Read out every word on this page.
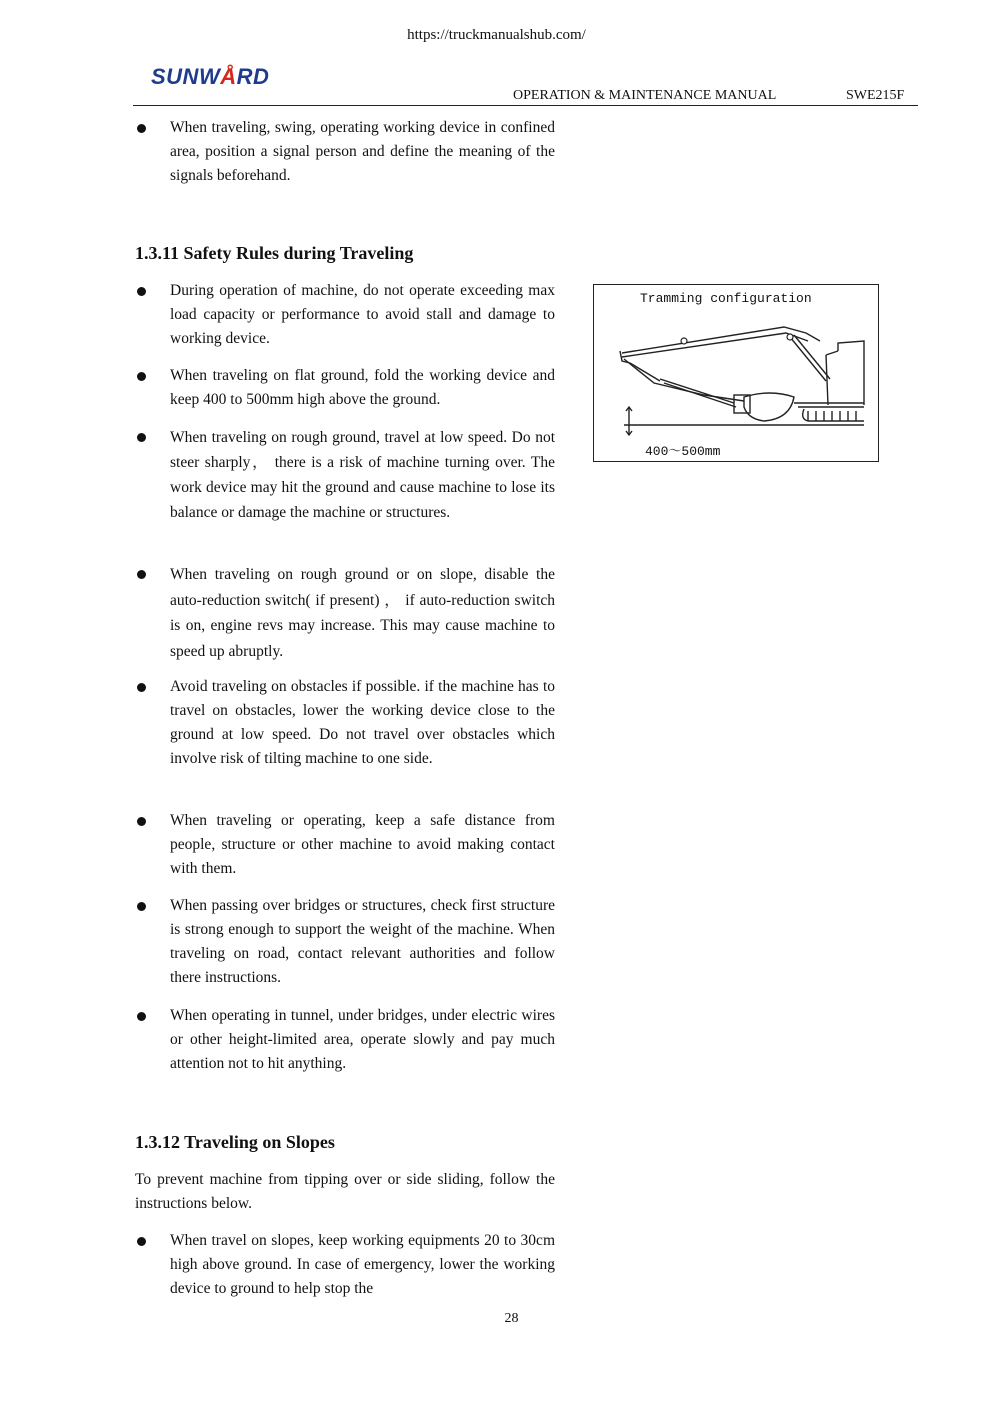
https://truckmanualshub.com/
SUNWÅRD
OPERATION & MAINTENANCE MANUAL	SWE215F
When traveling, swing, operating working device in confined area, position a signal person and define the meaning of the signals beforehand.
1.3.11 Safety Rules during Traveling
During operation of machine, do not operate exceeding max load capacity or performance to avoid stall and damage to working device.
When traveling on flat ground, fold the working device and keep 400 to 500mm high above the ground.
When traveling on rough ground, travel at low speed. Do not steer sharply， there is a risk of machine turning over. The work device may hit the ground and cause machine to lose its balance or damage the machine or structures.
When traveling on rough ground or on slope, disable the auto-reduction switch( if present) ， if auto-reduction switch is on, engine revs may increase. This may cause machine to speed up abruptly.
Avoid traveling on obstacles if possible. if the machine has to travel on obstacles, lower the working device close to the ground at low speed. Do not travel over obstacles which involve risk of tilting machine to one side.
When traveling or operating, keep a safe distance from people, structure or other machine to avoid making contact with them.
When passing over bridges or structures, check first structure is strong enough to support the weight of the machine. When traveling on road, contact relevant authorities and follow there instructions.
When operating in tunnel, under bridges, under electric wires or other height-limited area, operate slowly and pay much attention not to hit anything.
1.3.12 Traveling on Slopes
To prevent machine from tipping over or side sliding, follow the instructions below.
When travel on slopes, keep working equipments 20 to 30cm high above ground. In case of emergency, lower the working device to ground to help stop the
Tramming configuration
400～500mm
28
